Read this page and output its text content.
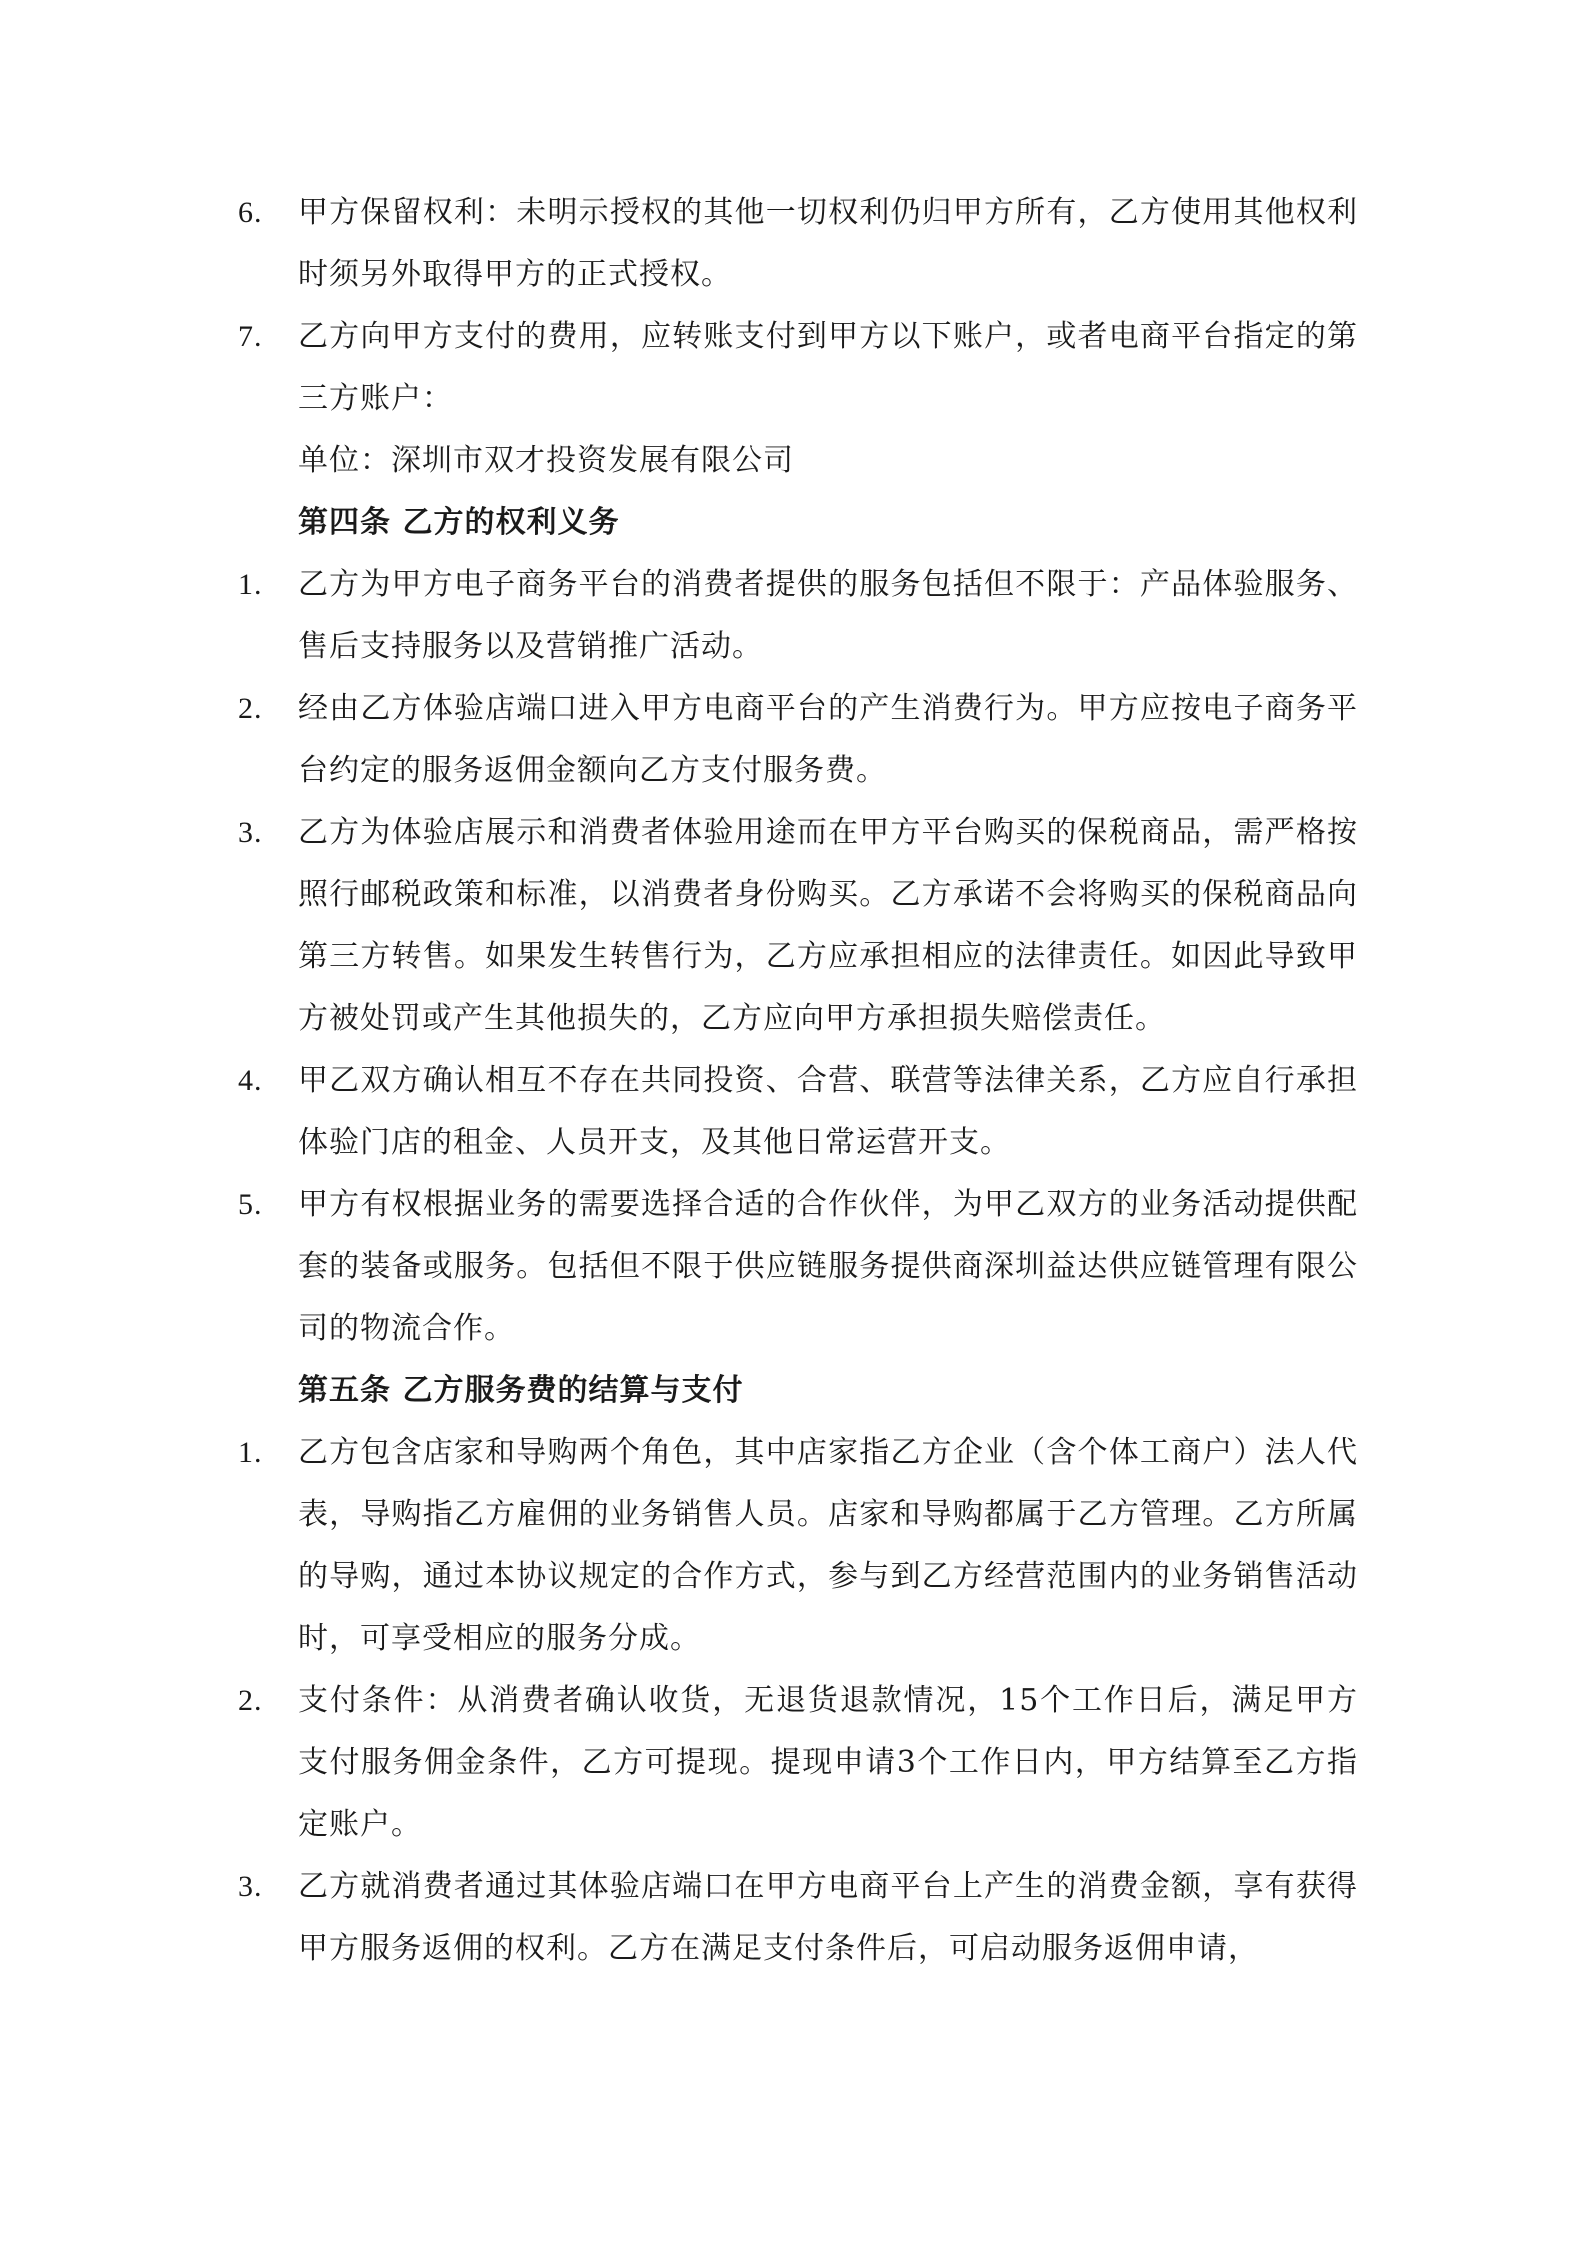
6.	甲方保留权利：未明示授权的其他一切权利仍归甲方所有，乙方使用其他权利时须另外取得甲方的正式授权。
7.	乙方向甲方支付的费用，应转账支付到甲方以下账户，或者电商平台指定的第三方账户：
单位：深圳市双才投资发展有限公司
第四条 乙方的权利义务
1.	乙方为甲方电子商务平台的消费者提供的服务包括但不限于：产品体验服务、售后支持服务以及营销推广活动。
2.	经由乙方体验店端口进入甲方电商平台的产生消费行为。甲方应按电子商务平台约定的服务返佣金额向乙方支付服务费。
3.	乙方为体验店展示和消费者体验用途而在甲方平台购买的保税商品，需严格按照行邮税政策和标准，以消费者身份购买。乙方承诺不会将购买的保税商品向第三方转售。如果发生转售行为，乙方应承担相应的法律责任。如因此导致甲方被处罚或产生其他损失的，乙方应向甲方承担损失赔偿责任。
4.	甲乙双方确认相互不存在共同投资、合营、联营等法律关系，乙方应自行承担体验门店的租金、人员开支，及其他日常运营开支。
5.	甲方有权根据业务的需要选择合适的合作伙伴，为甲乙双方的业务活动提供配套的装备或服务。包括但不限于供应链服务提供商深圳益达供应链管理有限公司的物流合作。
第五条 乙方服务费的结算与支付
1.	乙方包含店家和导购两个角色，其中店家指乙方企业（含个体工商户）法人代表，导购指乙方雇佣的业务销售人员。店家和导购都属于乙方管理。乙方所属的导购，通过本协议规定的合作方式，参与到乙方经营范围内的业务销售活动时，可享受相应的服务分成。
2.	支付条件：从消费者确认收货，无退货退款情况，15个工作日后，满足甲方支付服务佣金条件，乙方可提现。提现申请3个工作日内，甲方结算至乙方指定账户。
3.	乙方就消费者通过其体验店端口在甲方电商平台上产生的消费金额，享有获得甲方服务返佣的权利。乙方在满足支付条件后，可启动服务返佣申请，
